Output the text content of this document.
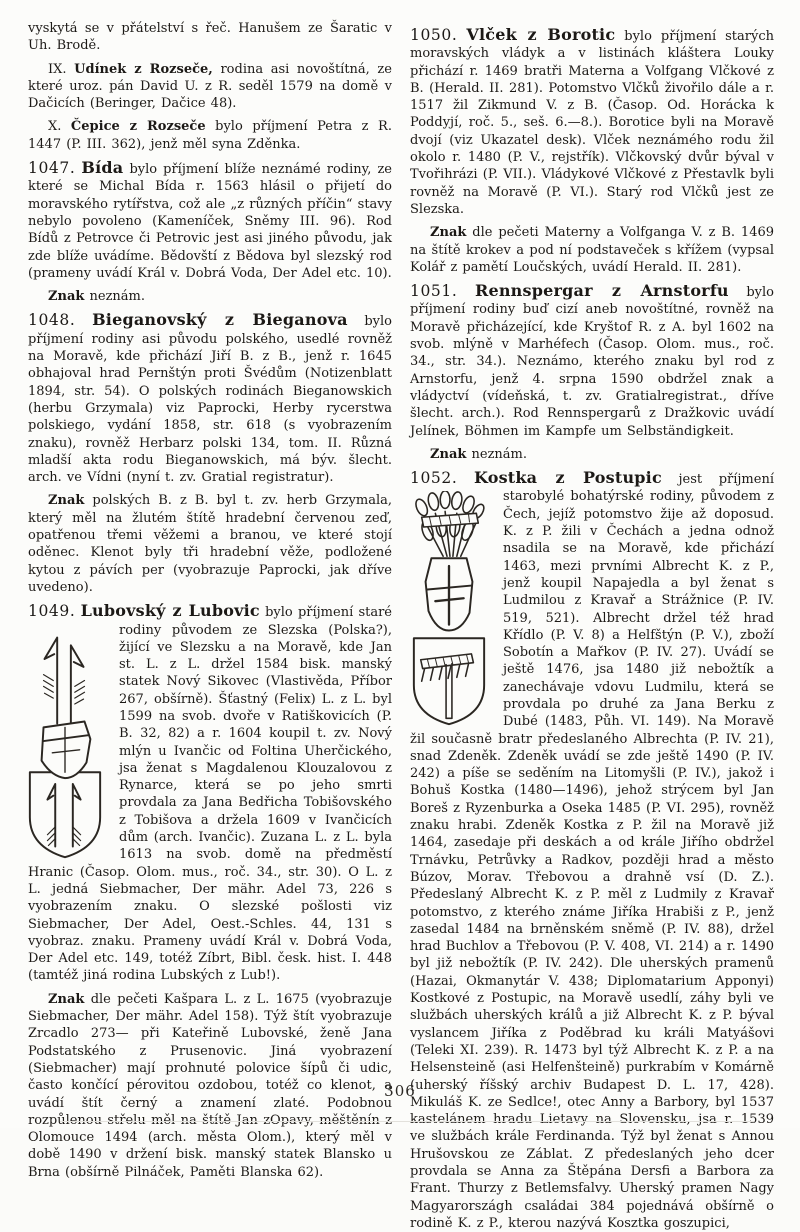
vyskytá se v přátelství s řeč. Hanušem ze Šaratic v Uh. Brodě.

IX. Udínek z Rozseče, rodina asi novoštítná, ze které uroz. pán David U. z R. seděl 1579 na domě v Dačicích (Beringer, Dačice 48).

X. Čepice z Rozseče bylo příjmení Petra z R. 1447 (P. III. 362), jenž měl syna Zděnka.

1047. Bída bylo příjmení blíže neznámé rodiny, ze které se Michal Bída r. 1563 hlásil o přijetí do moravského rytířstva, což ale „z různých příčin“ stavy nebylo povoleno (Kameníček, Sněmy III. 96). Rod Bídů z Petrovce či Petrovic jest asi jiného původu, jak zde blíže uvádíme. Bědovští z Bědova byl slezský rod (prameny uvádí Král v. Dobrá Voda, Der Adel etc. 10).

Znak neznám.

1048. Bieganovský z Bieganova bylo příjmení rodiny asi původu polského, usedlé rovněž na Moravě, kde přichází Jiří B. z B., jenž r. 1645 obhajoval hrad Pernštýn proti Švédům (Notizenblatt 1894, str. 54). O polských rodinách Bieganowskich (herbu Grzymala) viz Paprocki, Herby rycerstwa polskiego, vydání 1858, str. 618 (s vyobrazením znaku), rovněž Herbarz polski 134, tom. II. Různá mladší akta rodu Bieganowskich, má býv. šlecht. arch. ve Vídni (nyní t. zv. Gratial registratur).

Znak polských B. z B. byl t. zv. herb Grzymala, který měl na žlutém štítě hradební červenou zeď, opatřenou třemi věžemi a branou, ve které stojí oděnec. Klenot byly tři hradební věže, podložené kytou z pávích per (vyobrazuje Paprocki, jak dříve uvedeno).

1049. Lubovský z Lubovic bylo příjmení staré
rodiny původem ze Slezska (Polska?), žijící ve Slezsku a na Moravě, kde Jan st. L. z L. držel 1584 bisk. manský statek Nový Sikovec (Vlastivěda, Příbor 267, obšírně). Šťastný (Felix) L. z L. byl 1599 na svob. dvoře v Ratiškovicích (P. B. 32, 82) a r. 1604 koupil t. zv. Nový mlýn u Ivančic od Foltina Uherčického, jsa ženat s Magdalenou Klouzalovou z Rynarce, která se po jeho smrti provdala za Jana Bedřicha Tobišovského z Tobišova a držela 1609 v Ivančicích dům (arch. Ivančic). Zuzana L. z L. byla 1613 na svob. domě na předměstí Hranic (Časop. Olom. mus., roč. 34., str. 30). O L. z L. jedná Siebmacher, Der mähr. Adel 73, 226 s vyobrazením znaku. O slezské pošlosti viz Siebmacher, Der Adel, Oest.-Schles. 44, 131 s vyobraz. znaku. Prameny uvádí Král v. Dobrá Voda, Der Adel etc. 149, totéž Zíbrt, Bibl. česk. hist. I. 448 (tamtéž jiná rodina Lubských z Lub!).

Znak dle pečeti Kašpara L. z L. 1675 (vyobrazuje Siebmacher, Der mähr. Adel 158). Týž štít vyobrazuje Zrcadlo 273— při Kateřině Lubovské, ženě Jana Podstatského z Prusenovic. Jiná vyobrazení (Siebmacher) mají prohnuté polovice šípů či udic, často končící pérovitou ozdobou, totéž co klenot, a uvádí štít černý a znamení zlaté. Podobnou rozpůlenou střelu měl na štítě Jan zOpavy, měštěnín z Olomouce 1494 (arch. města Olom.), který měl v době 1490 v držení bisk. manský statek Blansko u Brna (obšírně Pilnáček, Paměti Blanska 62).

1050. Vlček z Borotic bylo příjmení starých moravských vládyk a v listinách kláštera Louky přichází r. 1469 bratři Materna a Volfgang Vlčkové z B. (Herald. II. 281). Potomstvo Vlčků živořilo dále a r. 1517 žil Zikmund V. z B. (Časop. Od. Horácka k Poddyjí, roč. 5., seš. 6.—8.). Borotice byli na Moravě dvojí (viz Ukazatel desk). Vlček neznámého rodu žil okolo r. 1480 (P. V., rejstřík). Vlčkovský dvůr býval v Tvořihrázi (P. VII.). Vládykové Vlčkové z Přestavlk byli rovněž na Moravě (P. VI.). Starý rod Vlčků jest ze Slezska.

Znak dle pečeti Materny a Volfganga V. z B. 1469 na štítě krokev a pod ní podstaveček s křížem (vypsal Kolář z pamětí Loučských, uvádí Herald. II. 281).

1051. Rennspergar z Arnstorfu bylo příjmení rodiny buď cizí aneb novoštítné, rovněž na Moravě přicházející, kde Kryštof R. z A. byl 1602 na svob. mlýně v Marhéfech (Časop. Olom. mus., roč. 34., str. 34.). Neznámo, kterého znaku byl rod z Arnstorfu, jenž 4. srpna 1590 obdržel znak a vládyctví (vídeňská, t. zv. Gratialregistrat., dříve šlecht. arch.). Rod Rennspergarů z Dražkovic uvádí Jelínek, Böhmen im Kampfe um Selbständigkeit.

Znak neznám.

1052. Kostka z Postupic jest příjmení starobylé bohatýrské rodiny, původem z Čech, jejíž potomstvo žije až doposud. K. z P. žili v Čechách a jedna odnož nsadila se na Moravě, kde přichází 1463, mezi prvními Albrecht K. z P., jenž koupil Napajedla a byl ženat s Ludmilou z Kravař a Strážnice (P. IV. 519, 521). Albrecht držel též hrad Křídlo (P. V. 8) a Helfštýn (P. V.), zboží Sobotín a Mařkov (P. IV. 27). Uvádí se ještě 1476, jsa 1480 již nebožtík a zanechávaje vdovu Ludmilu, která se provdala po druhé za Jana Berku z Dubé (1483, Půh. VI. 149). Na Moravě žil současně bratr předeslaného Albrechta (P. IV. 21), snad Zdeněk. Zdeněk uvádí se zde ještě 1490 (P. IV. 242) a píše se seděním na Litomyšli (P. IV.), jakož i Bohuš Kostka (1480—1496), jehož strýcem byl Jan Boreš z Ryzenburka a Oseka 1485 (P. VI. 295), rovněž znaku hrabi. Zdeněk Kostka z P. žil na Moravě již 1464, zasedaje při deskách a od krále Jiřího obdržel Trnávku, Petrůvky a Radkov, později hrad a město Búzov, Morav. Třebovou a drahně vsí (D. Z.). Předeslaný Albrecht K. z P. měl z Ludmily z Kravař potomstvo, z kterého známe Jiříka Hrabiši z P., jenž zasedal 1484 na brněnském sněmě (P. IV. 88), držel hrad Buchlov a Třebovou (P. V. 408, VI. 214) a r. 1490 byl již nebožtík (P. IV. 242). Dle uherských pramenů (Hazai, Okmanytár V. 438; Diplomatarium Apponyi) Kostkové z Postupic, na Moravě usedlí, záhy byli ve službách uherských králů a již Albrecht K. z P. býval vyslancem Jiříka z Poděbrad ku králi Matyášovi (Teleki XI. 239). R. 1473 byl týž Albrecht K. z P. a na Helsensteině (asi Helfenšteině) purkrabím v Komárně (uherský říšský archiv Budapest D. L. 17, 428). Mikuláš K. ze Sedlce!, otec Anny a Barbory, byl 1537 kastelánem hradu Lietavy na Slovensku, jsa r. 1539 ve službách krále Ferdinanda. Týž byl ženat s Annou Hrušovskou ze Záblat. Z předeslaných jeho dcer provdala se Anna za Štěpána Dersfi a Barbora za Frant. Thurzy z Betlemsfalvy. Uherský pramen Nagy Magyarországh családai 384 pojednává obšírně o rodině K. z P., kterou nazývá Kosztka goszupici,

306
